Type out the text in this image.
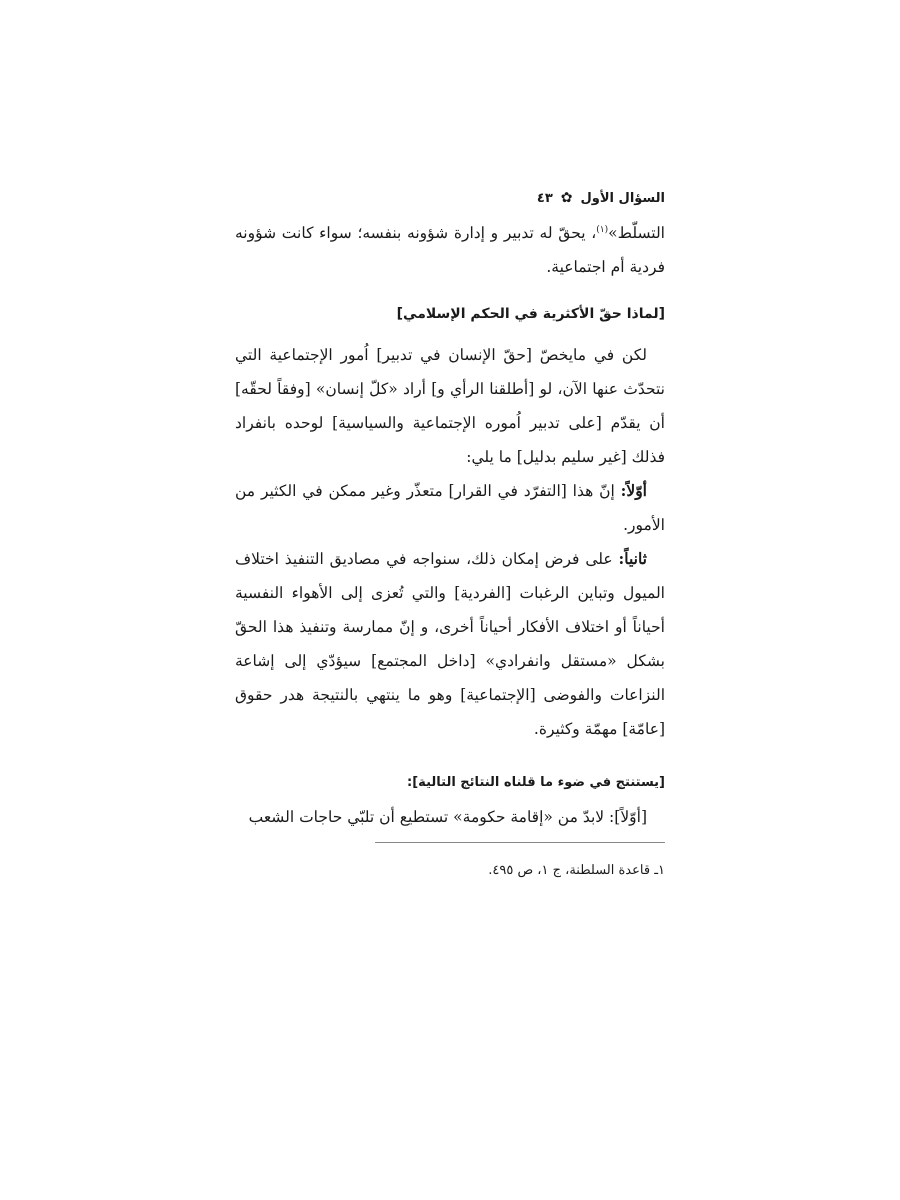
السؤال الأول
✿
٤٣

التسلّط»$^{(١)}$، يحقّ له تدبير و إدارة شؤونه بنفسه؛ سواء كانت شؤونه فردية أم اجتماعية.

[لماذا حقّ الأكثرية في الحكم الإسلامي]

لكن في مايخصّ [حقّ الإنسان في تدبير] اُمور الإجتماعية التي نتحدّث عنها الآن، لو [أطلقنا الرأي و] أراد «كلّ إنسان» [وفقاً لحقّه] أن يقدّم [على تدبير اُموره الإجتماعية والسياسية] لوحده بانفراد فذلك [غير سليم بدليل] ما يلي:

أوّلاً: إنّ هذا [التفرّد في القرار] متعذّر وغير ممكن في الكثير من الأمور.

ثانياً: على فرض إمكان ذلك، سنواجه في مصاديق التنفيذ اختلاف الميول وتباين الرغبات [الفردية] والتي تُعزى إلى الأهواء النفسية أحياناً أو اختلاف الأفكار أحياناً أخرى، و إنّ ممارسة وتنفيذ هذا الحقّ بشكل «مستقل وانفرادي» [داخل المجتمع] سيؤدّي إلى إشاعة النزاعات والفوضى [الإجتماعية] وهو ما ينتهي بالنتيجة هدر حقوق [عامّة] مهمّة وكثيرة.

[يستنتج في ضوء ما قلناه النتائج التالية]:

[أوّلاً]: لابدّ من «إقامة حكومة» تستطيع أن تلبّي حاجات الشعب

١ـ قاعدة السلطنة، ج ١، ص ٤٩٥.
